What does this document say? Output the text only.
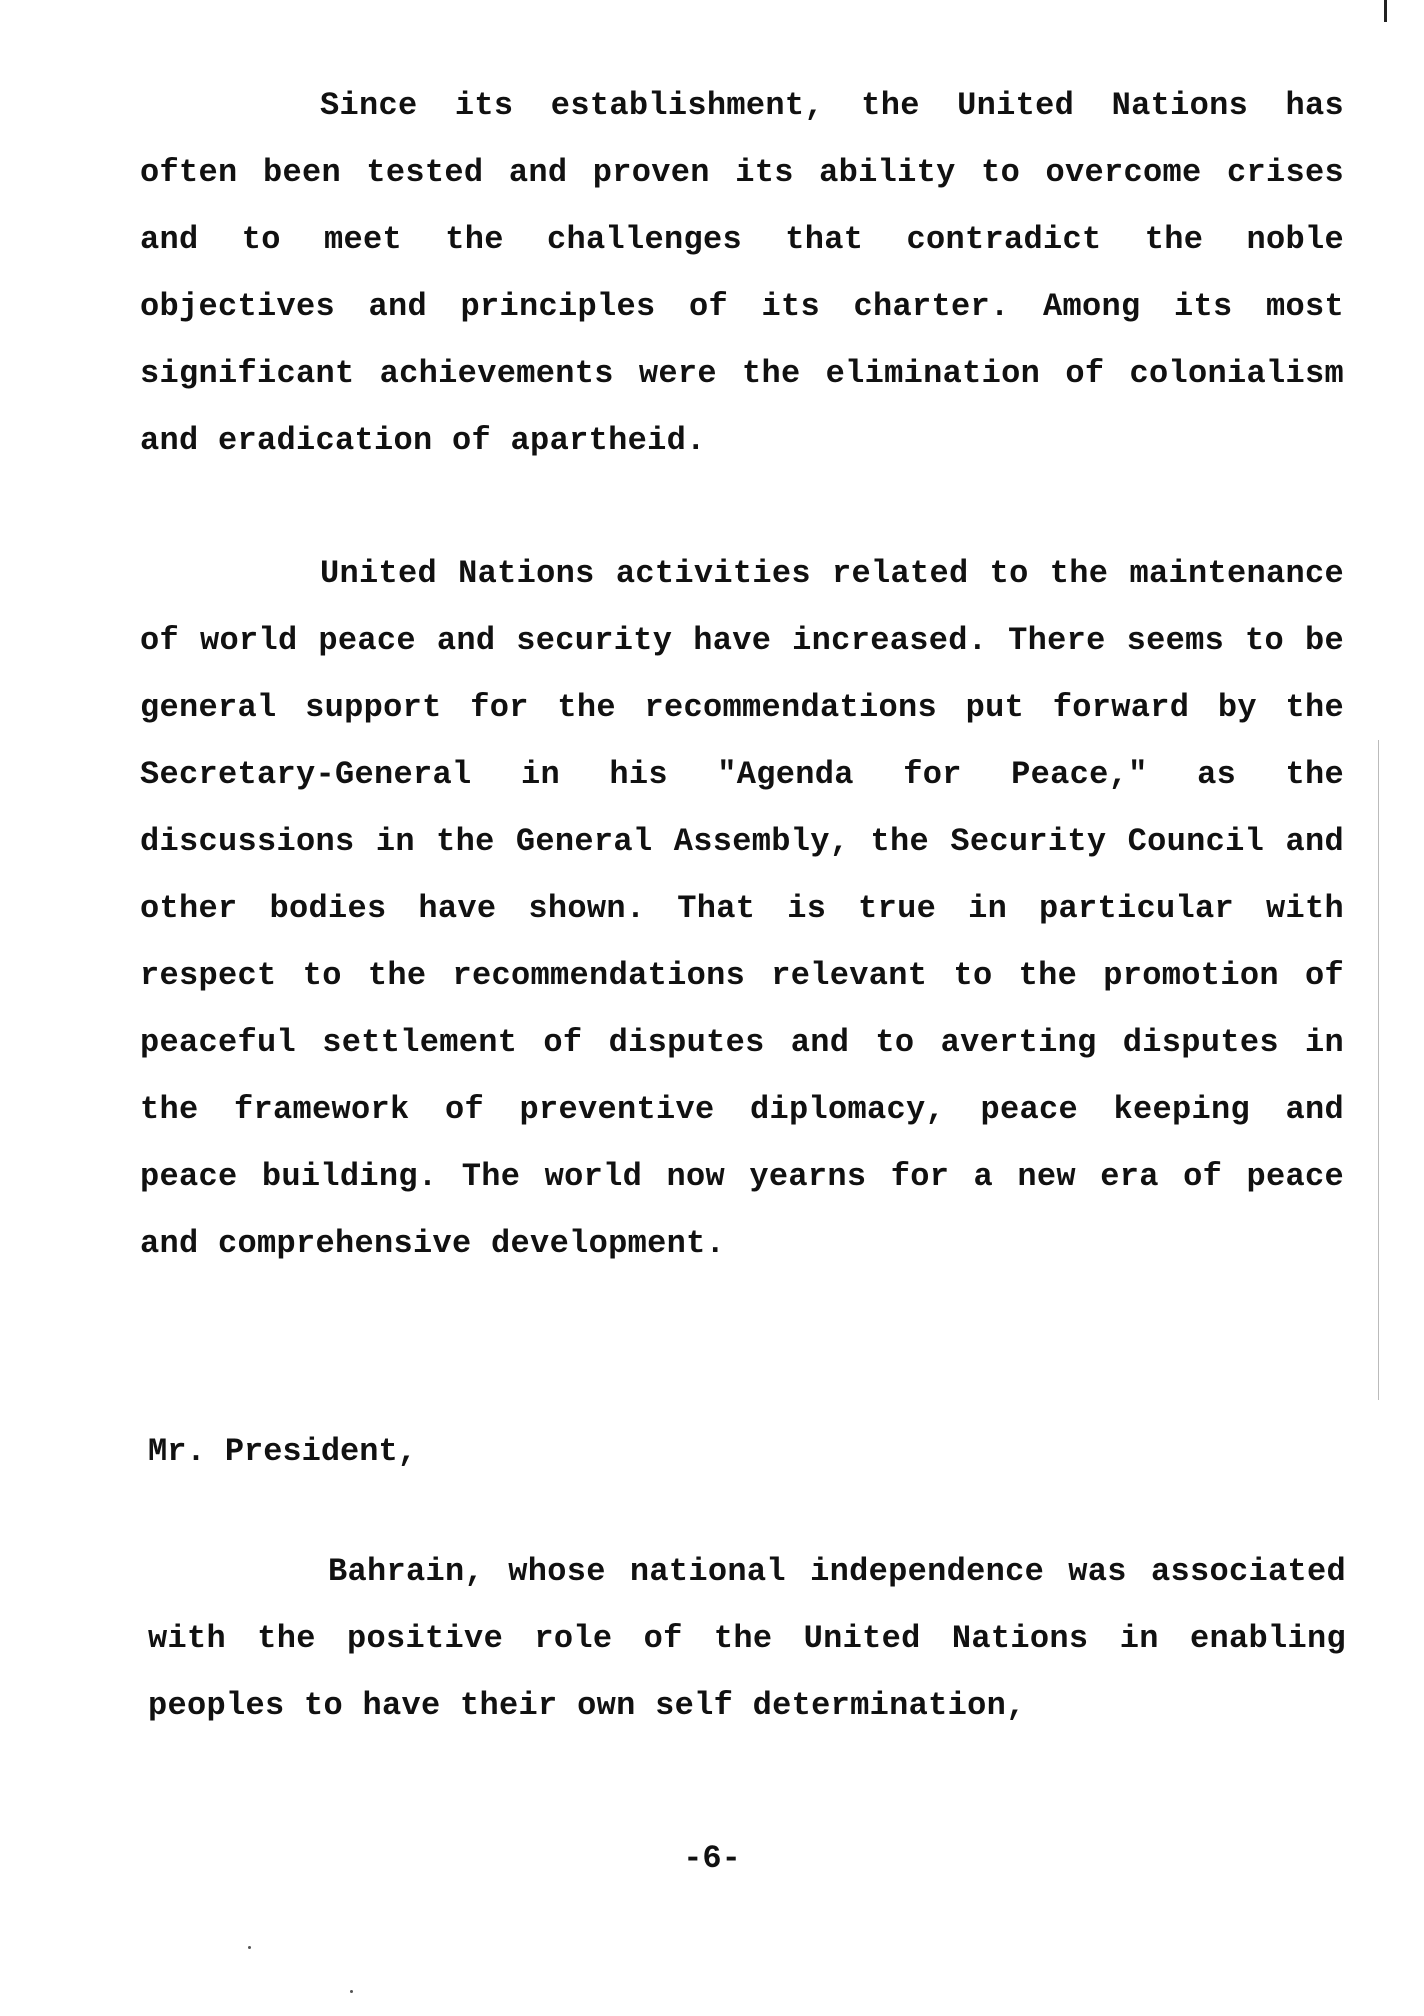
Since its establishment, the United Nations has often been tested and proven its ability to overcome crises and to meet the challenges that contradict the noble objectives and principles of its charter. Among its most significant achievements were the elimination of colonialism and eradication of apartheid.

United Nations activities related to the maintenance of world peace and security have increased. There seems to be general support for the recommendations put forward by the Secretary-General in his "Agenda for Peace," as the discussions in the General Assembly, the Security Council and other bodies have shown. That is true in particular with respect to the recommendations relevant to the promotion of peaceful settlement of disputes and to averting disputes in the framework of preventive diplomacy, peace keeping and peace building. The world now yearns for a new era of peace and comprehensive development.

Mr. President,

Bahrain, whose national independence was associated with the positive role of the United Nations in enabling peoples to have their own self determination,

-6-
